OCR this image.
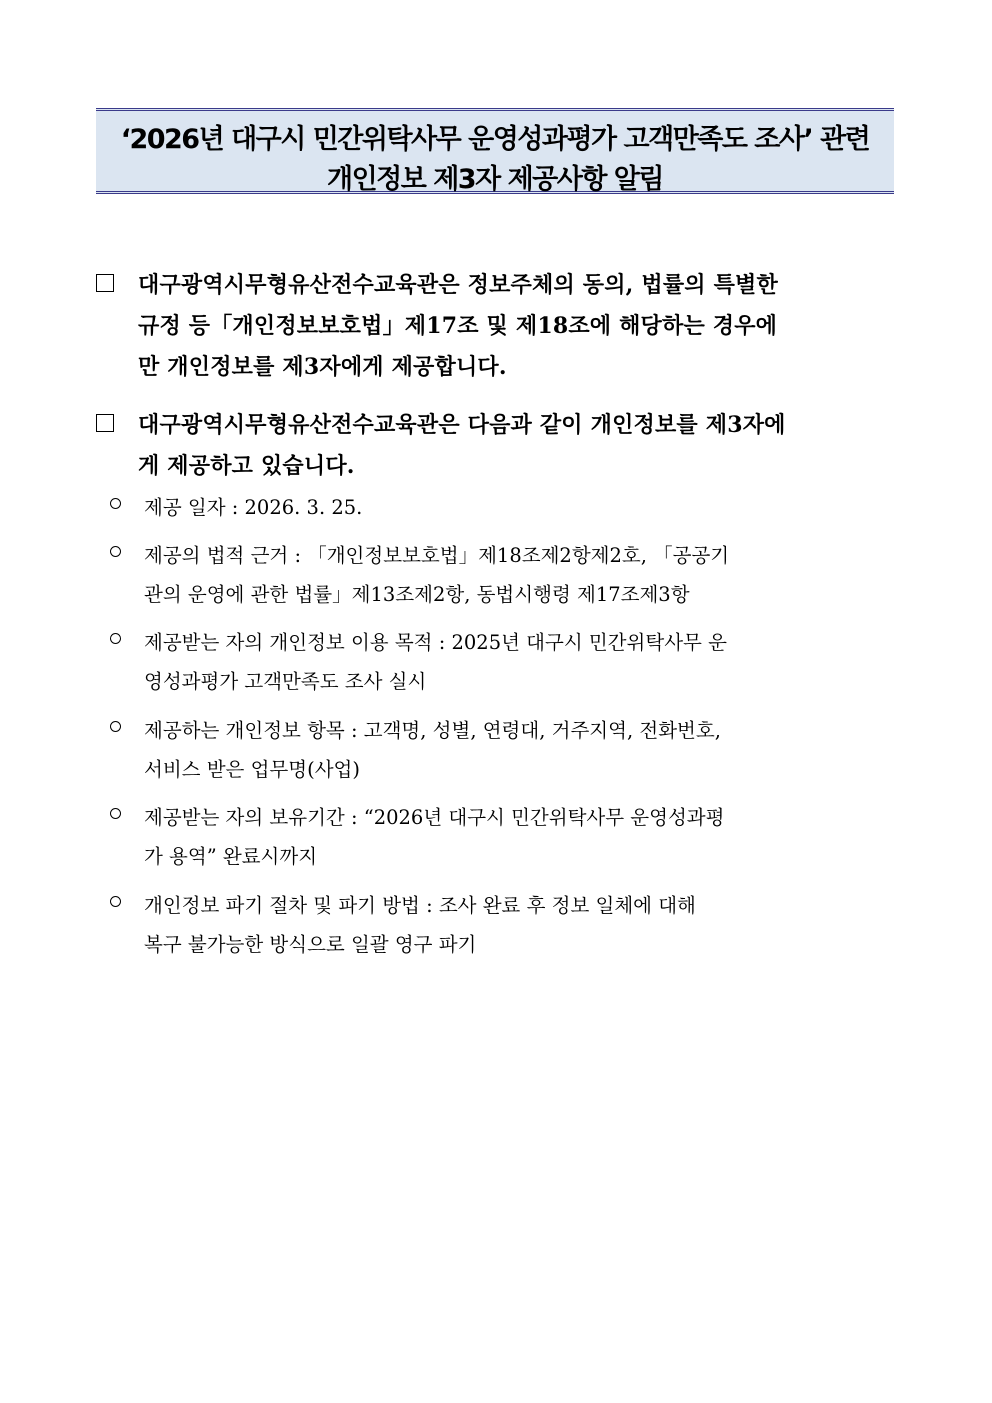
‘2026년 대구시 민간위탁사무 운영성과평가 고객만족도 조사’ 관련
개인정보 제3자 제공사항 알림
대구광역시무형유산전수교육관은 정보주체의 동의, 법률의 특별한
규정 등「개인정보보호법」제17조 및 제18조에 해당하는 경우에
만 개인정보를 제3자에게 제공합니다.
대구광역시무형유산전수교육관은 다음과 같이 개인정보를 제3자에
게 제공하고 있습니다.
제공 일자 : 2026. 3. 25.
제공의 법적 근거 : 「개인정보보호법」제18조제2항제2호, 「공공기
관의 운영에 관한 법률」제13조제2항, 동법시행령 제17조제3항
제공받는 자의 개인정보 이용 목적 : 2025년 대구시 민간위탁사무 운
영성과평가 고객만족도 조사 실시
제공하는 개인정보 항목 : 고객명, 성별, 연령대, 거주지역, 전화번호,
서비스 받은 업무명(사업)
제공받는 자의 보유기간 : “2026년 대구시 민간위탁사무 운영성과평
가 용역” 완료시까지
개인정보 파기 절차 및 파기 방법 : 조사 완료 후 정보 일체에 대해
복구 불가능한 방식으로 일괄 영구 파기
